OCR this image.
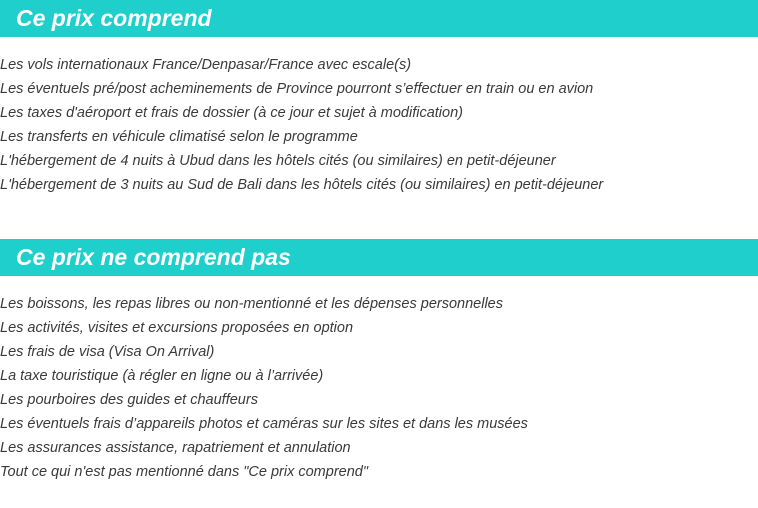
Ce prix comprend
Les vols internationaux France/Denpasar/France avec escale(s)
Les éventuels pré/post acheminements de Province pourront s’effectuer en train ou en avion
Les taxes d'aéroport et frais de dossier (à ce jour et sujet à modification)
Les transferts en véhicule climatisé selon le programme
L'hébergement de 4 nuits à Ubud dans les hôtels cités (ou similaires) en petit-déjeuner
L'hébergement de 3 nuits au Sud de Bali dans les hôtels cités (ou similaires) en petit-déjeuner
Ce prix ne comprend pas
Les boissons, les repas libres ou non-mentionné et les dépenses personnelles
Les activités, visites et excursions proposées en option
Les frais de visa (Visa On Arrival)
La taxe touristique (à régler en ligne ou à l’arrivée)
Les pourboires des guides et chauffeurs
Les éventuels frais d’appareils photos et caméras sur les sites et dans les musées
Les assurances assistance, rapatriement et annulation
Tout ce qui n'est pas mentionné dans "Ce prix comprend"
